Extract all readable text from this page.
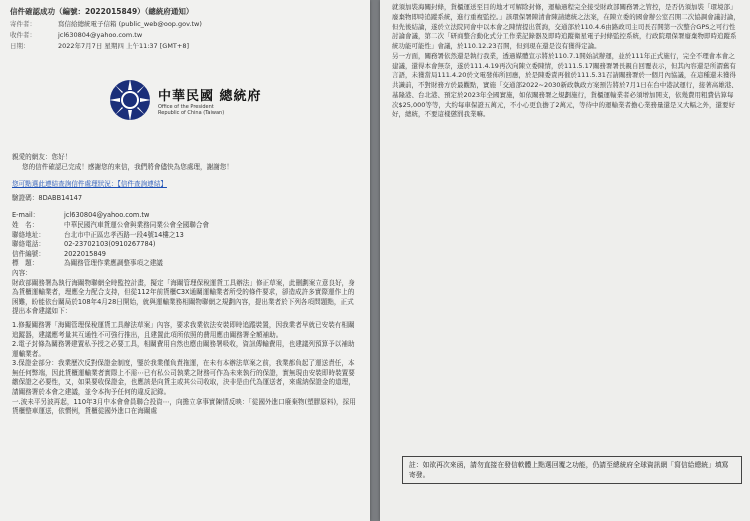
信件確認成功（編號：2022015849）（總統府通知）
寄件者：	寫信給總統電子信箱 (public_web@oop.gov.tw)
收件者：	jcl630804@yahoo.com.tw
日期：	2022年7月7日 星期四 上午11:37 [GMT+8]
中華民國 總統府
Office of the President
Republic of China (Taiwan)

親愛的網友：您好！

您的信件確認已完成！感謝您的來信，我們將會儘快為您處理，謝謝您！

您可點選此連結查詢信件處理狀況：【信件查詢連結】

驗證碼：8DABB14147

E-mail：	jcl630804@yahoo.com.tw
姓　名：	中華民國汽車貨運公會與業務同業公會全國聯合會
聯絡地址：	台北市中正區忠孝西路一段4號14樓之13
聯絡電話：	02-23702103(0910267784)
信件編號：	2022015849
標　題：	為關務管理作業應調整事項之建議

內容：

財政部關務署為執行海關物聯網全時監控計畫，擬定「海關管理保稅運貨工具辦法」修正草案，此刪劃案立意良好，身為貨櫃運輸業者，理應全力配合支持，但從112年前貨櫃C3X通關運輸業者所受的條件要求，卻造成許多實際運作上的困難，盼能依台關局於108年4月28日開始，就與運輸業務相關物聯網之規劃內容，提出業者於下列各項問題點，正式提出本會建議如下：

1.修擬關務署「海關管理保稅運貨工具辦法草案」內容，要求我業依法安裝即時追蹤裝置，因我業者早就已安裝有相關追蹤器，建議應考量其互通性不可強行推出，且建置此項所依照的費用應由關務署全額補助。

2.電子封條為關務署建置私予授之必要工具，相關費用自然也應由關務署吸收，資訊傳輸費用，也建議列預算予以補助運輸業者。

3.保證金部分：我業歷次反對保證金制度，鑒於我業僅負責拖運，在未有本辦法草案之前，我業都負起了運送責任，本無任何弊端，因此貨櫃運輸業者實際上不需⋯已有私公司執業之財務可作為未來執行的保證，實無現由安裝即時裝置要繳保證之必要性，又，如果要收保證金，也應該是向貨主或其公司收取，決非是由代為運送者，來處納保證金的道理，請關務署於本會之建議，並令本拘予任何的違反記錄。

一.波未平另波再起，110年3月中本會會員聯合投資⋯，向擔立拿事實陳情反映：「從國外進口廢棄物(塑膠原料)，採用貨櫃整車運送，依慣例，貨櫃從國外進口在海關處

就須加裝海關封條，貨櫃運送至目的地才可解除封條，運輸過程完全接受財政部關務署之管控，是否仍須加裝「環境部」廢棄物即時追蹤系統，進行重複監控。」該環保署陳清會陳請總統之法案，在陳立委的國會辦公室召開二次協調會議討論，但先後結論，遂於立法院同會中以本會之陳情提出質詢，交通部於110.4.6由路政司主司長召開第一次整合GPS之可行性討論會議，第二次「研商整合動化式分工作業記錄器及即時追蹤衛星電子封條監控系統，行政院環保署廢棄物即時追蹤系統功能可能性」會議，於110.12.23召開，但到現在還是沒有獲得定論。

另一方面，關務署依然還是執行我業，透過媒體宣示將於110.7.1開始試辦運，並於111年正式施行，完全不理會本會之建議，還得本會無奈，遂於111.4.19再次向陳立委陳情，於111.5.17關務署署長親自回覆表示，但其內容還是所謂舊有言語，未獲當局111.4.20於文電發佈所回應，於是陳委責再催於111.5.31召請關務署於一個月內協議，在這種還未獲得共識前，不對財務方於最觀點，實施「交通部2022~2030新政執政方案預告將於7月1日在台中港試運行，接著高雄港、基隆港、台北港、預定於2023年全國實施，如依關務署之規劃施行，貨櫃運輸業者必須增加開支，依幾費用粗費估算每次$25,000等等，大約每車保證五萬元，不小心更負擔了2萬元，等待中的運輸業者擔心業務量還是又大幅之外，還要好好，總統，不要這樣懲罰我業嘛。

註：如欲再次來函，請勿直接在發信軟體上點選回覆之功能，仍請至總統府全球資訊網「寫信給總統」填寫寄發。
